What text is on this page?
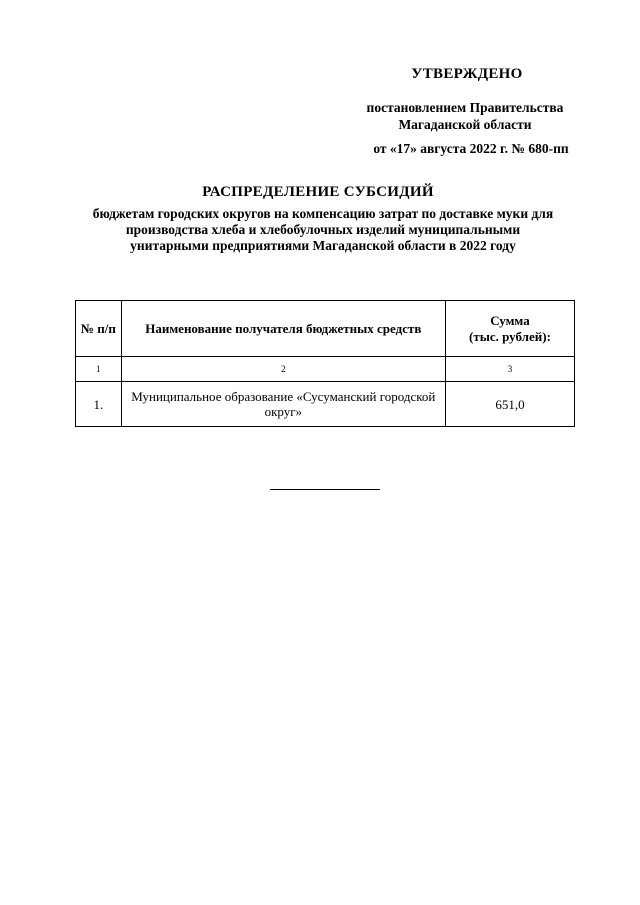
УТВЕРЖДЕНО
постановлением Правительства
Магаданской области
от «17» августа 2022 г. № 680-пп
РАСПРЕДЕЛЕНИЕ СУБСИДИЙ
бюджетам городских округов на компенсацию затрат по доставке муки для производства хлеба и хлебобулочных изделий муниципальными унитарными предприятиями Магаданской области в 2022 году
№ п/п	Наименование получателя бюджетных средств	Сумма
(тыс. рублей):

1	2	3
1.	Муниципальное образование «Сусуманский городской округ»	651,0
